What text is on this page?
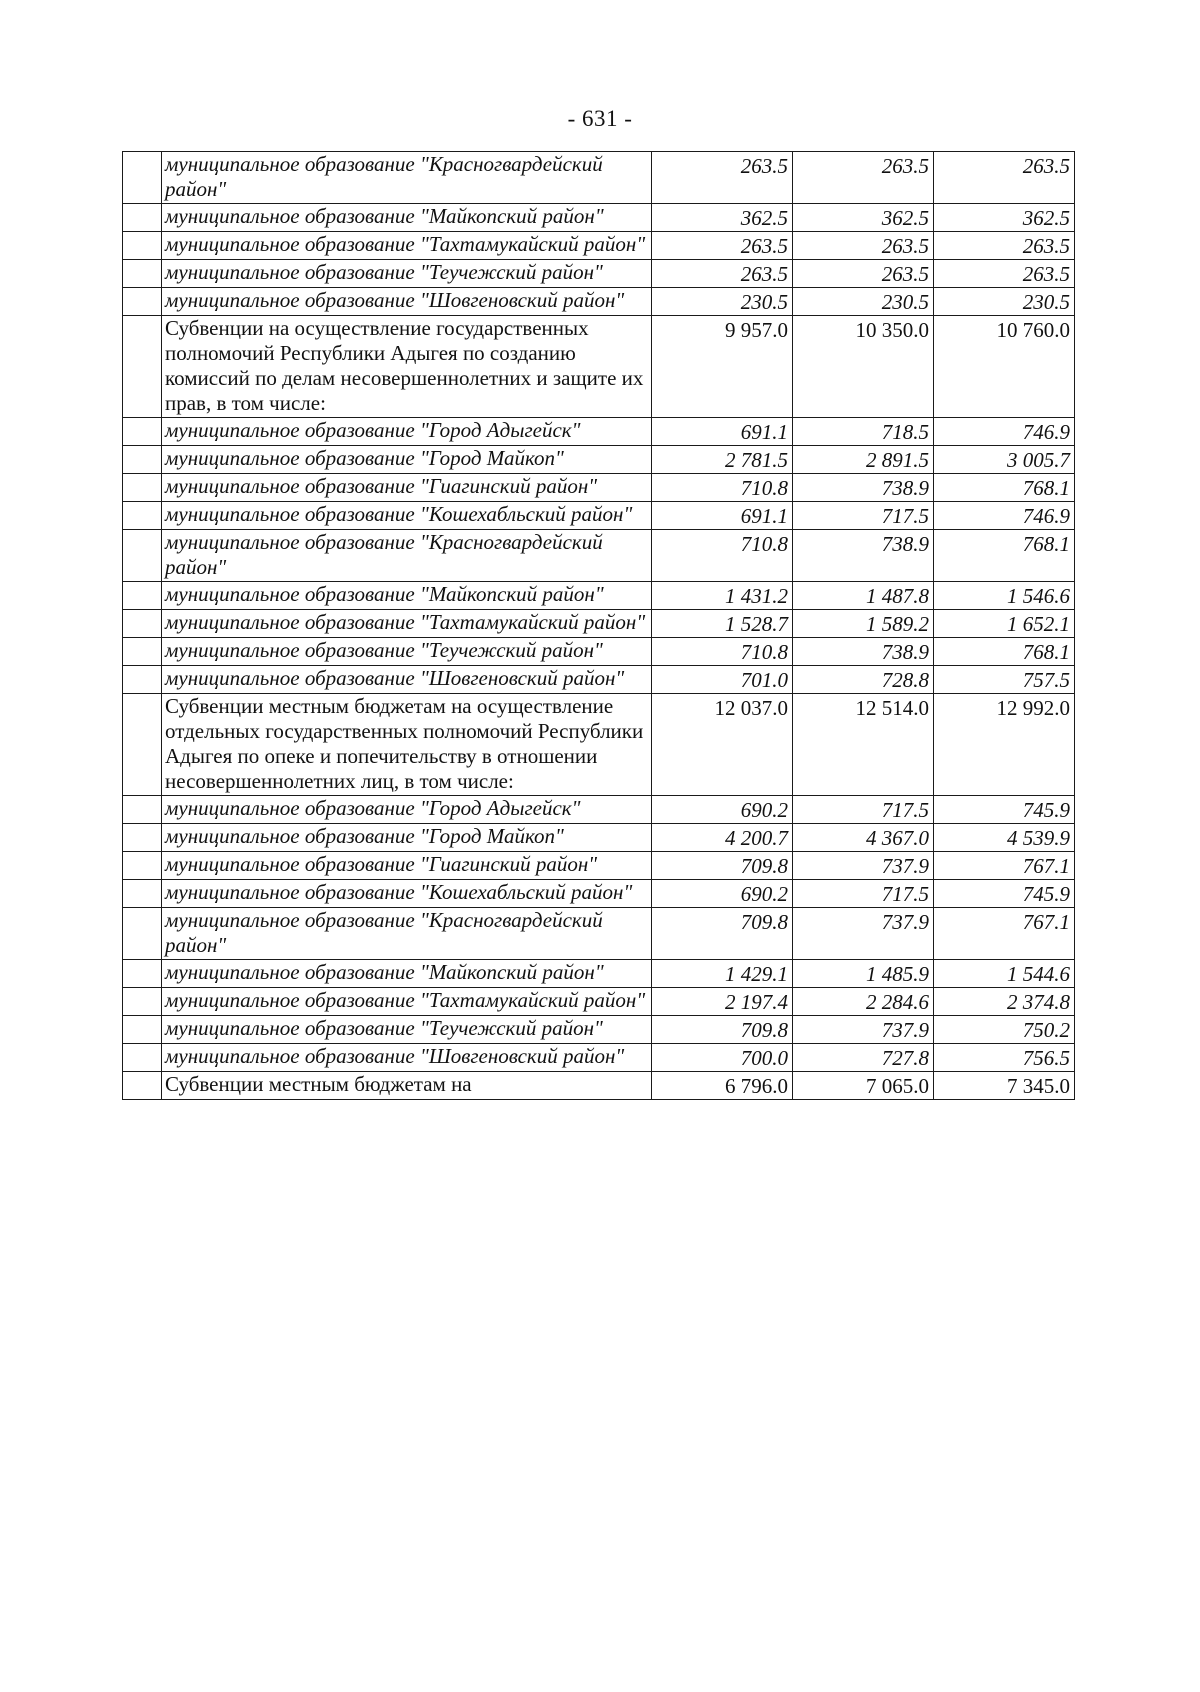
- 631 -
	муниципальное образование "Красногвардейский район"	263.5	263.5	263.5
	муниципальное образование "Майкопский район"	362.5	362.5	362.5
	муниципальное образование "Тахтамукайский район"	263.5	263.5	263.5
	муниципальное образование "Теучежский район"	263.5	263.5	263.5
	муниципальное образование "Шовгеновский район"	230.5	230.5	230.5
	Субвенции на осуществление государственных полномочий Республики Адыгея по созданию комиссий по делам несовершеннолетних и защите их прав, в том числе:	9 957.0	10 350.0	10 760.0
	муниципальное образование "Город Адыгейск"	691.1	718.5	746.9
	муниципальное образование "Город Майкоп"	2 781.5	2 891.5	3 005.7
	муниципальное образование "Гиагинский район"	710.8	738.9	768.1
	муниципальное образование "Кошехабльский район"	691.1	717.5	746.9
	муниципальное образование "Красногвардейский район"	710.8	738.9	768.1
	муниципальное образование "Майкопский район"	1 431.2	1 487.8	1 546.6
	муниципальное образование "Тахтамукайский район"	1 528.7	1 589.2	1 652.1
	муниципальное образование "Теучежский район"	710.8	738.9	768.1
	муниципальное образование "Шовгеновский район"	701.0	728.8	757.5
	Субвенции местным бюджетам на осуществление отдельных государственных полномочий Республики Адыгея по опеке и попечительству в отношении несовершеннолетних лиц, в том числе:	12 037.0	12 514.0	12 992.0
	муниципальное образование "Город Адыгейск"	690.2	717.5	745.9
	муниципальное образование "Город Майкоп"	4 200.7	4 367.0	4 539.9
	муниципальное образование "Гиагинский район"	709.8	737.9	767.1
	муниципальное образование "Кошехабльский район"	690.2	717.5	745.9
	муниципальное образование "Красногвардейский район"	709.8	737.9	767.1
	муниципальное образование "Майкопский район"	1 429.1	1 485.9	1 544.6
	муниципальное образование "Тахтамукайский район"	2 197.4	2 284.6	2 374.8
	муниципальное образование "Теучежский район"	709.8	737.9	750.2
	муниципальное образование "Шовгеновский район"	700.0	727.8	756.5
	Субвенции местным бюджетам на	6 796.0	7 065.0	7 345.0
